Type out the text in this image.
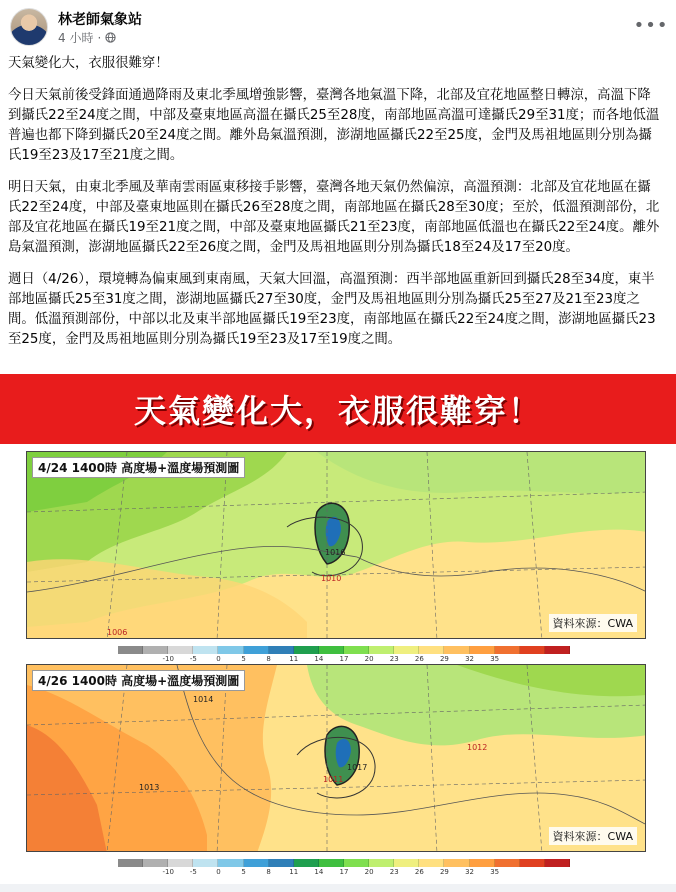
林老師氣象站
4 小時 ·
•••

天氣變化大，衣服很難穿！

今日天氣前後受鋒面通過降雨及東北季風增強影響，臺灣各地氣溫下降，北部及宜花地區整日轉涼，高溫下降到攝氏22至24度之間，中部及臺東地區高溫在攝氏25至28度，南部地區高溫可達攝氏29至31度；而各地低溫普遍也都下降到攝氏20至24度之間。離外島氣溫預測，澎湖地區攝氏22至25度，金門及馬祖地區則分別為攝氏19至23及17至21度之間。

明日天氣，由東北季風及華南雲雨區東移接手影響，臺灣各地天氣仍然偏涼，高溫預測：北部及宜花地區在攝氏22至24度，中部及臺東地區則在攝氏26至28度之間，南部地區在攝氏28至30度；至於，低溫預測部份，北部及宜花地區在攝氏19至21度之間，中部及臺東地區攝氏21至23度，南部地區低溫也在攝氏22至24度。離外島氣溫預測，澎湖地區攝氏22至26度之間，金門及馬祖地區則分別為攝氏18至24及17至20度。

週日（4/26），環境轉為偏東風到東南風，天氣大回溫，高溫預測：西半部地區重新回到攝氏28至34度，東半部地區攝氏25至31度之間，澎湖地區攝氏27至30度，金門及馬祖地區則分別為攝氏25至27及21至23度之間。低溫預測部份，中部以北及東半部地區攝氏19至23度，南部地區在攝氏22至24度之間，澎湖地區攝氏23至25度，金門及馬祖地區則分別為攝氏19至23及17至19度之間。

天氣變化大，衣服很難穿！
4/24 1400時 高度場+溫度場預測圖
1016
1010
1006
資料來源：CWA
-10 -5	0	5	8	11 14 17 20 23 26 29 32 35
4/26 1400時 高度場+溫度場預測圖
1014
1012
1013
1017
1011
資料來源：CWA
-10 -5	0	5	8	11 14 17 20 23 26 29 32 35
